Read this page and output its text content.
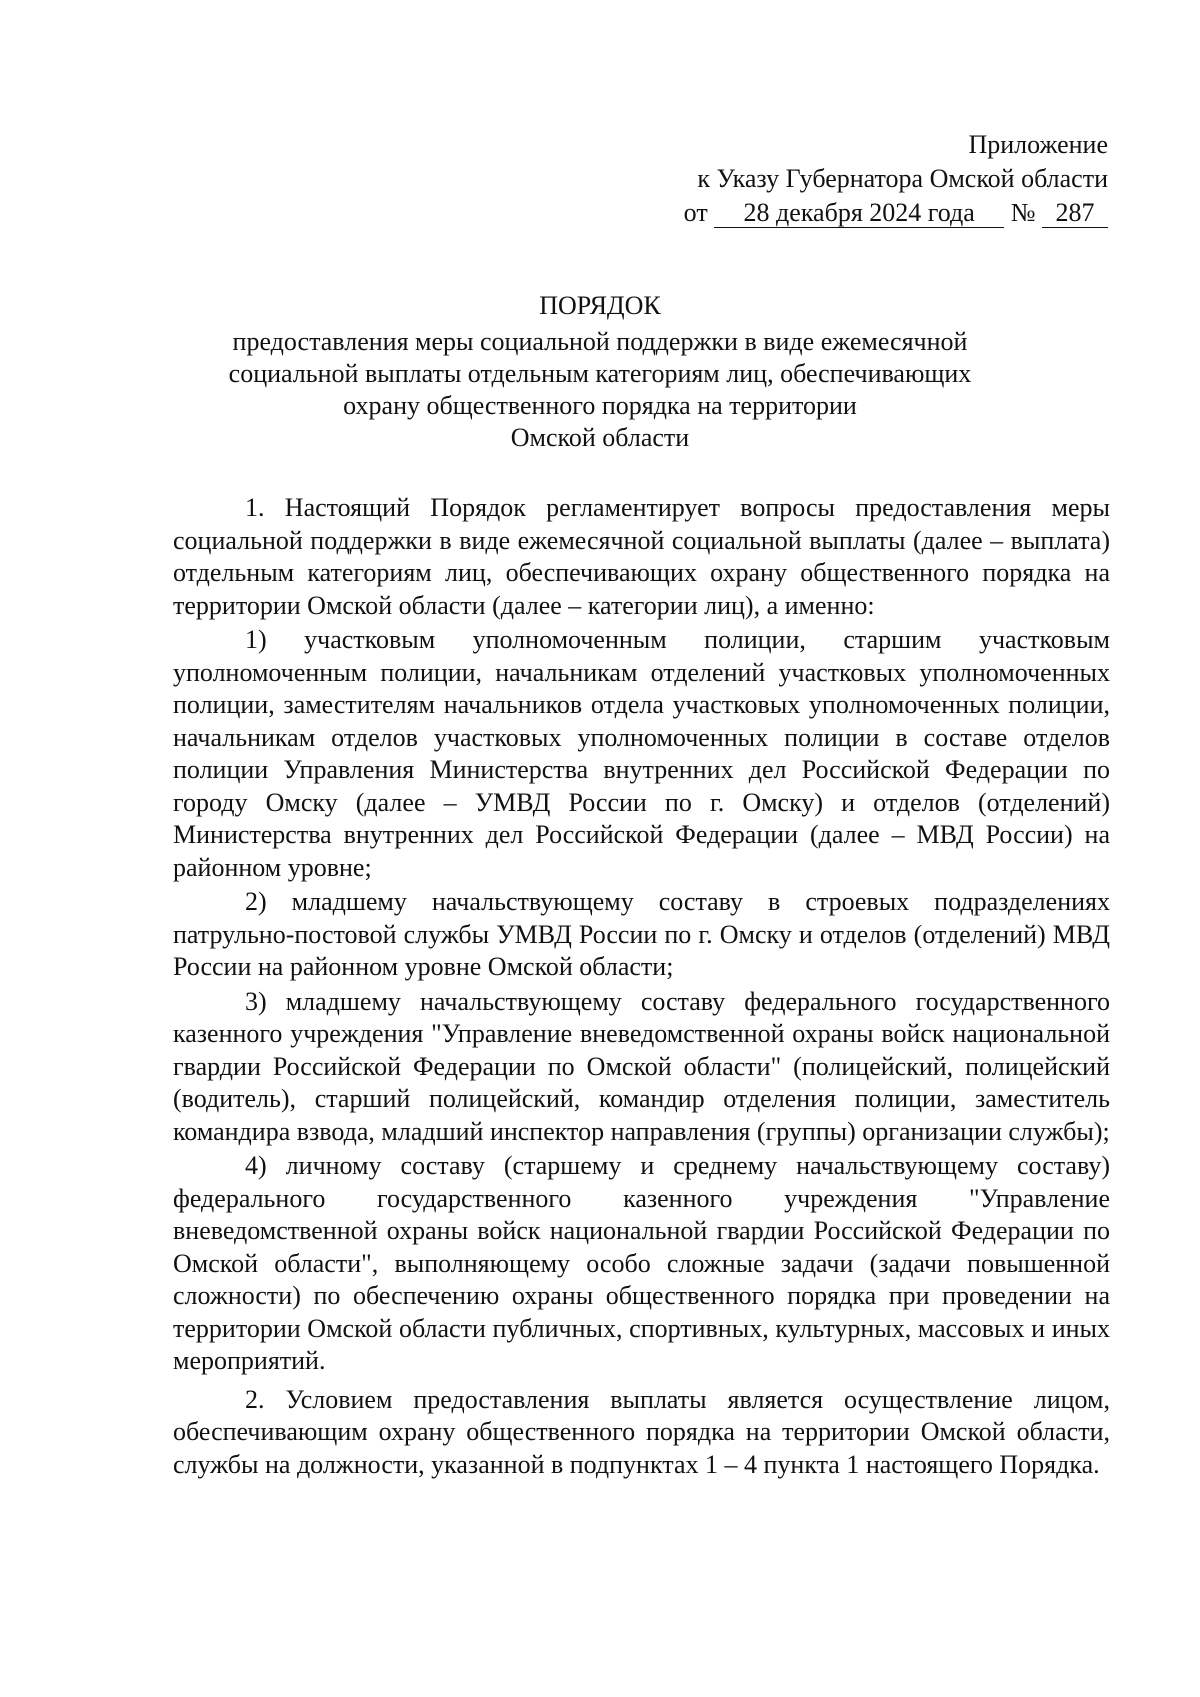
Приложение
к Указу Губернатора Омской области
от 28 декабря 2024 года № 287
ПОРЯДОК
предоставления меры социальной поддержки в виде ежемесячной
социальной выплаты отдельным категориям лиц, обеспечивающих
охрану общественного порядка на территории
Омской области

1. Настоящий Порядок регламентирует вопросы предоставления меры социальной поддержки в виде ежемесячной социальной выплаты (далее – выплата) отдельным категориям лиц, обеспечивающих охрану общественного порядка на территории Омской области (далее – категории лиц), а именно:

1) участковым уполномоченным полиции, старшим участковым уполномоченным полиции, начальникам отделений участковых уполномоченных полиции, заместителям начальников отдела участковых уполномоченных полиции, начальникам отделов участковых уполномоченных полиции в составе отделов полиции Управления Министерства внутренних дел Российской Федерации по городу Омску (далее – УМВД России по г. Омску) и отделов (отделений) Министерства внутренних дел Российской Федерации (далее – МВД России) на районном уровне;

2) младшему начальствующему составу в строевых подразделениях патрульно-постовой службы УМВД России по г. Омску и отделов (отделений) МВД России на районном уровне Омской области;

3) младшему начальствующему составу федерального государственного казенного учреждения "Управление вневедомственной охраны войск национальной гвардии Российской Федерации по Омской области" (полицейский, полицейский (водитель), старший полицейский, командир отделения полиции, заместитель командира взвода, младший инспектор направления (группы) организации службы);

4) личному составу (старшему и среднему начальствующему составу) федерального государственного казенного учреждения "Управление вневедомственной охраны войск национальной гвардии Российской Федерации по Омской области", выполняющему особо сложные задачи (задачи повышенной сложности) по обеспечению охраны общественного порядка при проведении на территории Омской области публичных, спортивных, культурных, массовых и иных мероприятий.

2. Условием предоставления выплаты является осуществление лицом, обеспечивающим охрану общественного порядка на территории Омской области, службы на должности, указанной в подпунктах 1 – 4 пункта 1 настоящего Порядка.
